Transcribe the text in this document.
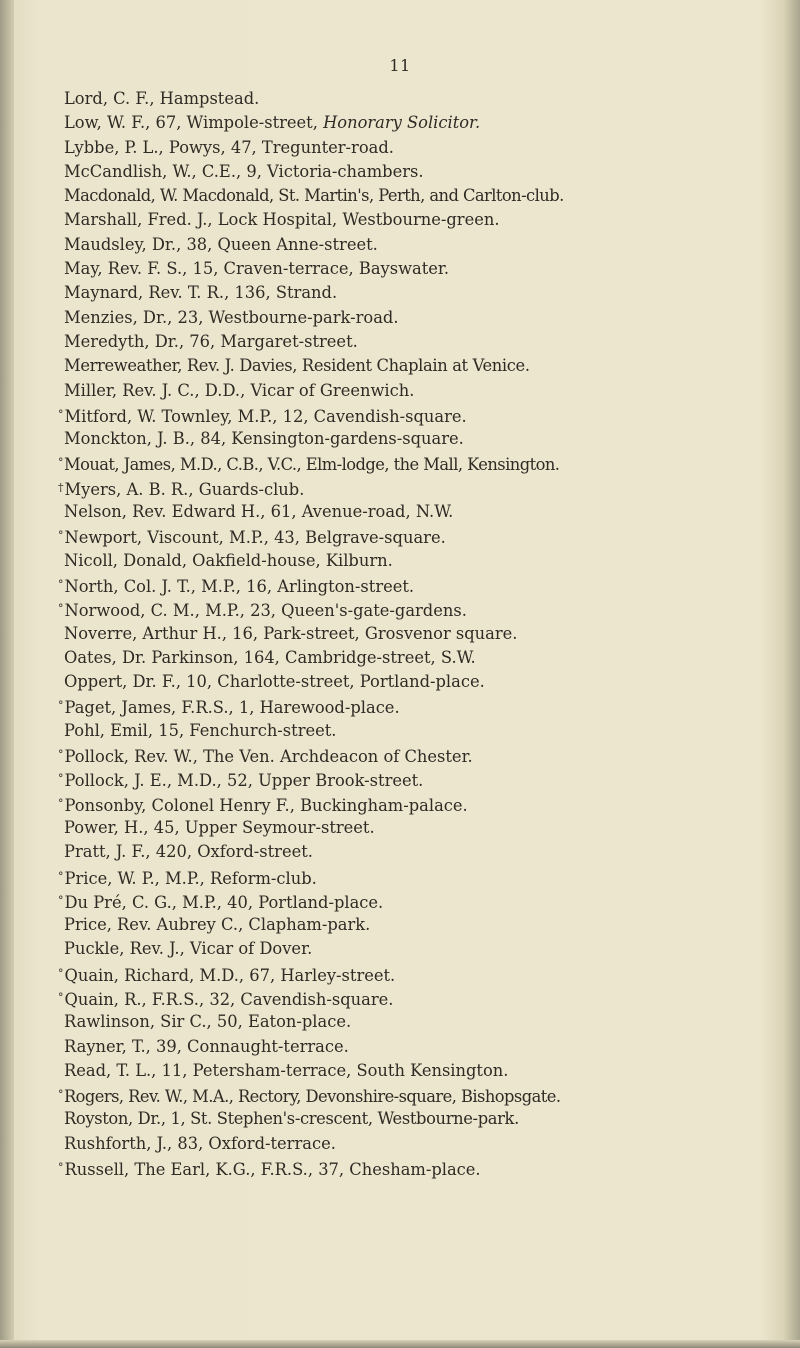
11
Lord, C. F., Hampstead.
Low, W. F., 67, Wimpole-street, Honorary Solicitor.
Lybbe, P. L., Powys, 47, Tregunter-road.
McCandlish, W., C.E., 9, Victoria-chambers.
Macdonald, W. Macdonald, St. Martin's, Perth, and Carlton-club.
Marshall, Fred. J., Lock Hospital, Westbourne-green.
Maudsley, Dr., 38, Queen Anne-street.
May, Rev. F. S., 15, Craven-terrace, Bayswater.
Maynard, Rev. T. R., 136, Strand.
Menzies, Dr., 23, Westbourne-park-road.
Meredyth, Dr., 76, Margaret-street.
Merreweather, Rev. J. Davies, Resident Chaplain at Venice.
Miller, Rev. J. C., D.D., Vicar of Greenwich.
°Mitford, W. Townley, M.P., 12, Cavendish-square.
Monckton, J. B., 84, Kensington-gardens-square.
°Mouat, James, M.D., C.B., V.C., Elm-lodge, the Mall, Kensington.
†Myers, A. B. R., Guards-club.
Nelson, Rev. Edward H., 61, Avenue-road, N.W.
°Newport, Viscount, M.P., 43, Belgrave-square.
Nicoll, Donald, Oakfield-house, Kilburn.
°North, Col. J. T., M.P., 16, Arlington-street.
°Norwood, C. M., M.P., 23, Queen's-gate-gardens.
Noverre, Arthur H., 16, Park-street, Grosvenor square.
Oates, Dr. Parkinson, 164, Cambridge-street, S.W.
Oppert, Dr. F., 10, Charlotte-street, Portland-place.
°Paget, James, F.R.S., 1, Harewood-place.
Pohl, Emil, 15, Fenchurch-street.
°Pollock, Rev. W., The Ven. Archdeacon of Chester.
°Pollock, J. E., M.D., 52, Upper Brook-street.
°Ponsonby, Colonel Henry F., Buckingham-palace.
Power, H., 45, Upper Seymour-street.
Pratt, J. F., 420, Oxford-street.
°Price, W. P., M.P., Reform-club.
°Du Pré, C. G., M.P., 40, Portland-place.
Price, Rev. Aubrey C., Clapham-park.
Puckle, Rev. J., Vicar of Dover.
°Quain, Richard, M.D., 67, Harley-street.
°Quain, R., F.R.S., 32, Cavendish-square.
Rawlinson, Sir C., 50, Eaton-place.
Rayner, T., 39, Connaught-terrace.
Read, T. L., 11, Petersham-terrace, South Kensington.
°Rogers, Rev. W., M.A., Rectory, Devonshire-square, Bishopsgate.
Royston, Dr., 1, St. Stephen's-crescent, Westbourne-park.
Rushforth, J., 83, Oxford-terrace.
°Russell, The Earl, K.G., F.R.S., 37, Chesham-place.
